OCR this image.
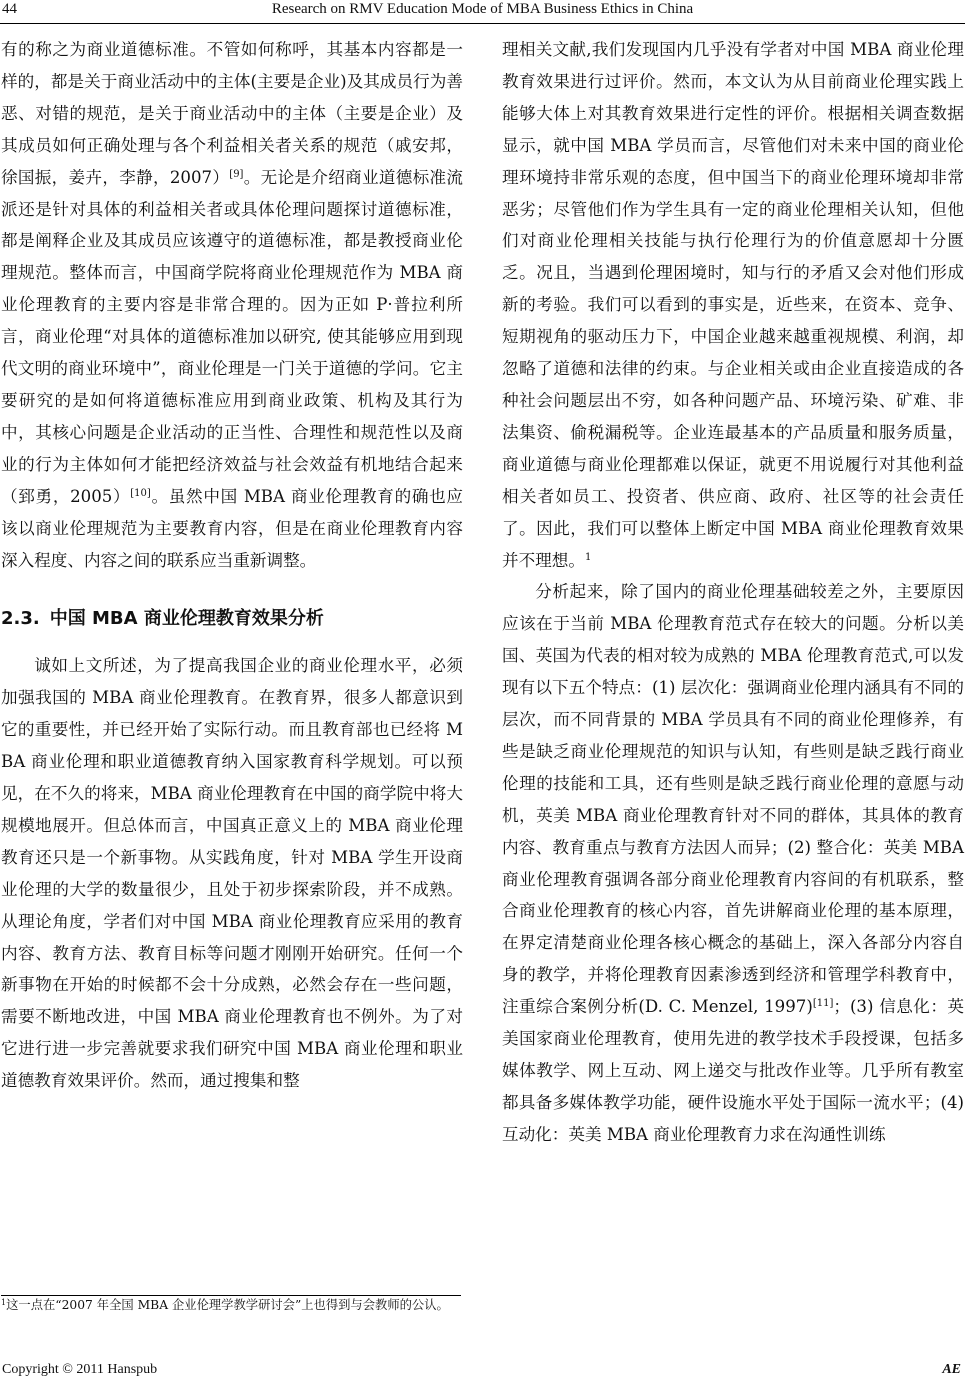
44	Research on RMV Education Mode of MBA Business Ethics in China

有的称之为商业道德标准。不管如何称呼，其基本内容都是一样的，都是关于商业活动中的主体(主要是企业)及其成员行为善恶、对错的规范，是关于商业活动中的主体（主要是企业）及其成员如何正确处理与各个利益相关者关系的规范（戚安邦，徐国振，姜卉，李静，2007）[9]。无论是介绍商业道德标准流派还是针对具体的利益相关者或具体伦理问题探讨道德标准，都是阐释企业及其成员应该遵守的道德标准，都是教授商业伦理规范。整体而言，中国商学院将商业伦理规范作为 MBA 商业伦理教育的主要内容是非常合理的。因为正如 P·普拉利所言，商业伦理“对具体的道德标准加以研究, 使其能够应用到现代文明的商业环境中”，商业伦理是一门关于道德的学问。它主要研究的是如何将道德标准应用到商业政策、机构及其行为中，其核心问题是企业活动的正当性、合理性和规范性以及商业的行为主体如何才能把经济效益与社会效益有机地结合起来（郅勇，2005）[10]。虽然中国 MBA 商业伦理教育的确也应该以商业伦理规范为主要教育内容，但是在商业伦理教育内容深入程度、内容之间的联系应当重新调整。

2.3. 中国 MBA 商业伦理教育效果分析

诚如上文所述，为了提高我国企业的商业伦理水平，必须加强我国的 MBA 商业伦理教育。在教育界，很多人都意识到它的重要性，并已经开始了实际行动。而且教育部也已经将 MBA 商业伦理和职业道德教育纳入国家教育科学规划。可以预见，在不久的将来，MBA 商业伦理教育在中国的商学院中将大规模地展开。但总体而言，中国真正意义上的 MBA 商业伦理教育还只是一个新事物。从实践角度，针对 MBA 学生开设商业伦理的大学的数量很少，且处于初步探索阶段，并不成熟。从理论角度，学者们对中国 MBA 商业伦理教育应采用的教育内容、教育方法、教育目标等问题才刚刚开始研究。任何一个新事物在开始的时候都不会十分成熟，必然会存在一些问题，需要不断地改进，中国 MBA 商业伦理教育也不例外。为了对它进行进一步完善就要求我们研究中国 MBA 商业伦理和职业道德教育效果评价。然而，通过搜集和整

理相关文献,我们发现国内几乎没有学者对中国 MBA 商业伦理教育效果进行过评价。然而，本文认为从目前商业伦理实践上能够大体上对其教育效果进行定性的评价。根据相关调查数据显示，就中国 MBA 学员而言，尽管他们对未来中国的商业伦理环境持非常乐观的态度，但中国当下的商业伦理环境却非常恶劣；尽管他们作为学生具有一定的商业伦理相关认知，但他们对商业伦理相关技能与执行伦理行为的价值意愿却十分匮乏。况且，当遇到伦理困境时，知与行的矛盾又会对他们形成新的考验。我们可以看到的事实是，近些来，在资本、竞争、短期视角的驱动压力下，中国企业越来越重视规模、利润，却忽略了道德和法律的约束。与企业相关或由企业直接造成的各种社会问题层出不穷，如各种问题产品、环境污染、矿难、非法集资、偷税漏税等。企业连最基本的产品质量和服务质量，商业道德与商业伦理都难以保证，就更不用说履行对其他利益相关者如员工、投资者、供应商、政府、社区等的社会责任了。因此，我们可以整体上断定中国 MBA 商业伦理教育效果并不理想。$^1$

分析起来，除了国内的商业伦理基础较差之外，主要原因应该在于当前 MBA 伦理教育范式存在较大的问题。分析以美国、英国为代表的相对较为成熟的 MBA 伦理教育范式,可以发现有以下五个特点：(1) 层次化：强调商业伦理内涵具有不同的层次，而不同背景的 MBA 学员具有不同的商业伦理修养，有些是缺乏商业伦理规范的知识与认知，有些则是缺乏践行商业伦理的技能和工具，还有些则是缺乏践行商业伦理的意愿与动机，英美 MBA 商业伦理教育针对不同的群体，其具体的教育内容、教育重点与教育方法因人而异；(2) 整合化：英美 MBA 商业伦理教育强调各部分商业伦理教育内容间的有机联系，整合商业伦理教育的核心内容，首先讲解商业伦理的基本原理，在界定清楚商业伦理各核心概念的基础上，深入各部分内容自身的教学，并将伦理教育因素渗透到经济和管理学科教育中，注重综合案例分析(D. C. Menzel, 1997)[11]；(3) 信息化：英美国家商业伦理教育，使用先进的教学技术手段授课，包括多媒体教学、网上互动、网上递交与批改作业等。几乎所有教室都具备多媒体教学功能，硬件设施水平处于国际一流水平；(4) 互动化：英美 MBA 商业伦理教育力求在沟通性训练

$^1$这一点在“2007 年全国 MBA 企业伦理学教学研讨会”上也得到与会教师的公认。
Copyright © 2011 Hanspub	AE
